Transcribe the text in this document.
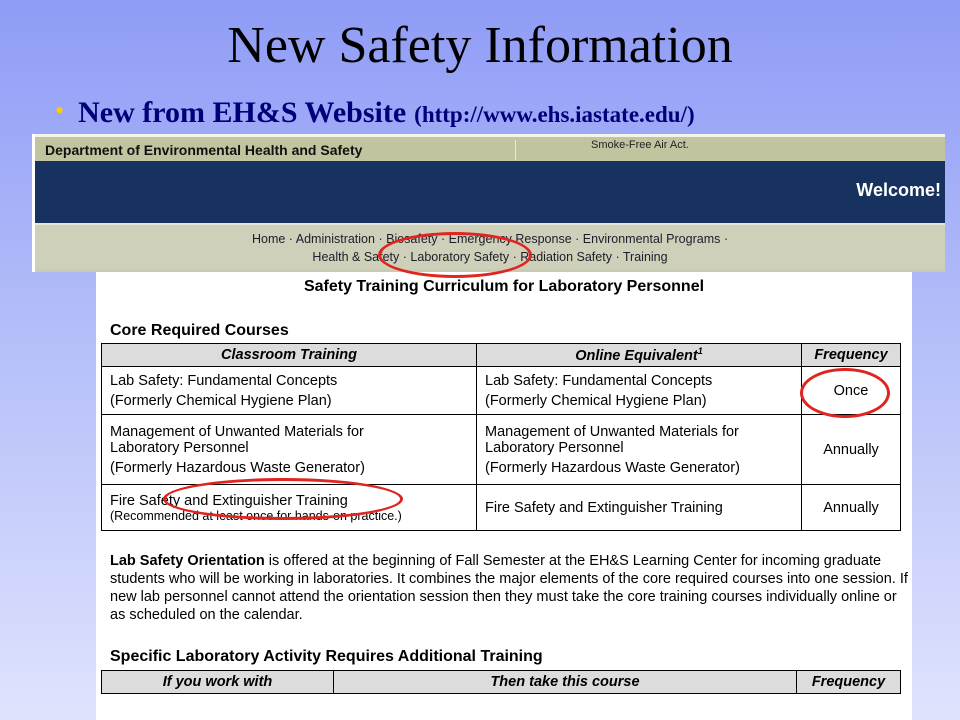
New Safety Information
• New from EH&S Website (http://www.ehs.iastate.edu/)
Department of Environmental Health and Safety	Smoke-Free Air Act.
Welcome!
Home · Administration · Biosafety · Emergency Response · Environmental Programs ·
Health & Safety · Laboratory Safety · Radiation Safety · Training
Safety Training Curriculum for Laboratory Personnel
Core Required Courses
Classroom Training	Online Equivalent$^1$	Frequency

Lab Safety: Fundamental Concepts
(Formerly Chemical Hygiene Plan)	Lab Safety: Fundamental Concepts
(Formerly Chemical Hygiene Plan)	Once

Management of Unwanted Materials for
Laboratory Personnel
(Formerly Hazardous Waste Generator)	Management of Unwanted Materials for
Laboratory Personnel
(Formerly Hazardous Waste Generator)	Annually

Fire Safety and Extinguisher Training
(Recommended at least once for hands-on practice.)	Fire Safety and Extinguisher Training	Annually
Lab Safety Orientation is offered at the beginning of Fall Semester at the EH&S Learning Center for incoming graduate students who will be working in laboratories. It combines the major elements of the core required courses into one session. If new lab personnel cannot attend the orientation session then they must take the core training courses individually online or as scheduled on the calendar.
Specific Laboratory Activity Requires Additional Training
If you work with	Then take this course	Frequency
